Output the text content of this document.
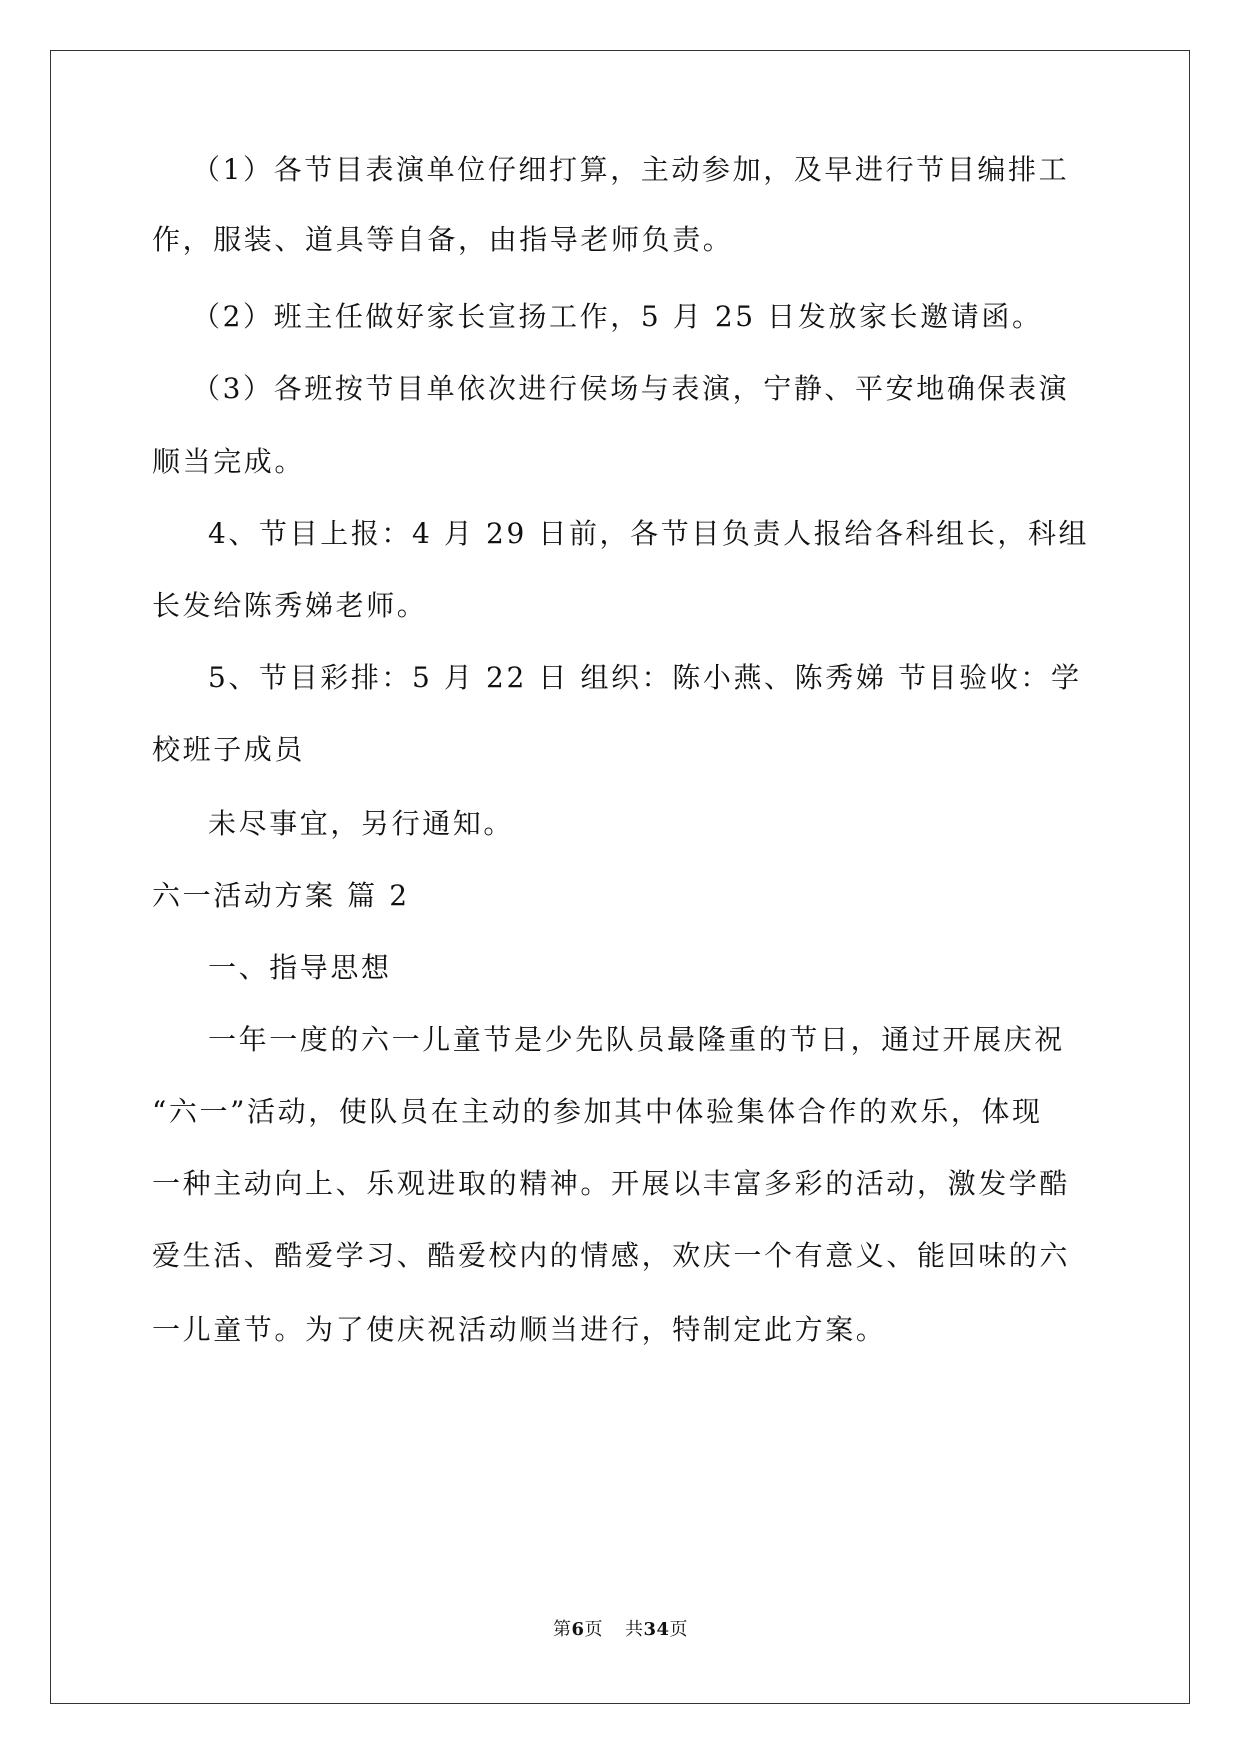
（1）各节目表演单位仔细打算，主动参加，及早进行节目编排工
作，服装、道具等自备，由指导老师负责。
（2）班主任做好家长宣扬工作，5 月 25 日发放家长邀请函。
（3）各班按节目单依次进行侯场与表演，宁静、平安地确保表演
顺当完成。
4、节目上报：4 月 29 日前，各节目负责人报给各科组长，科组
长发给陈秀娣老师。
5、节目彩排：5 月 22 日 组织：陈小燕、陈秀娣 节目验收：学
校班子成员
未尽事宜，另行通知。
六一活动方案 篇 2
一、指导思想
一年一度的六一儿童节是少先队员最隆重的节日，通过开展庆祝
“六一”活动，使队员在主动的参加其中体验集体合作的欢乐，体现
一种主动向上、乐观进取的精神。开展以丰富多彩的活动，激发学酷
爱生活、酷爱学习、酷爱校内的情感，欢庆一个有意义、能回味的六
一儿童节。为了使庆祝活动顺当进行，特制定此方案。
第6页 共34页
